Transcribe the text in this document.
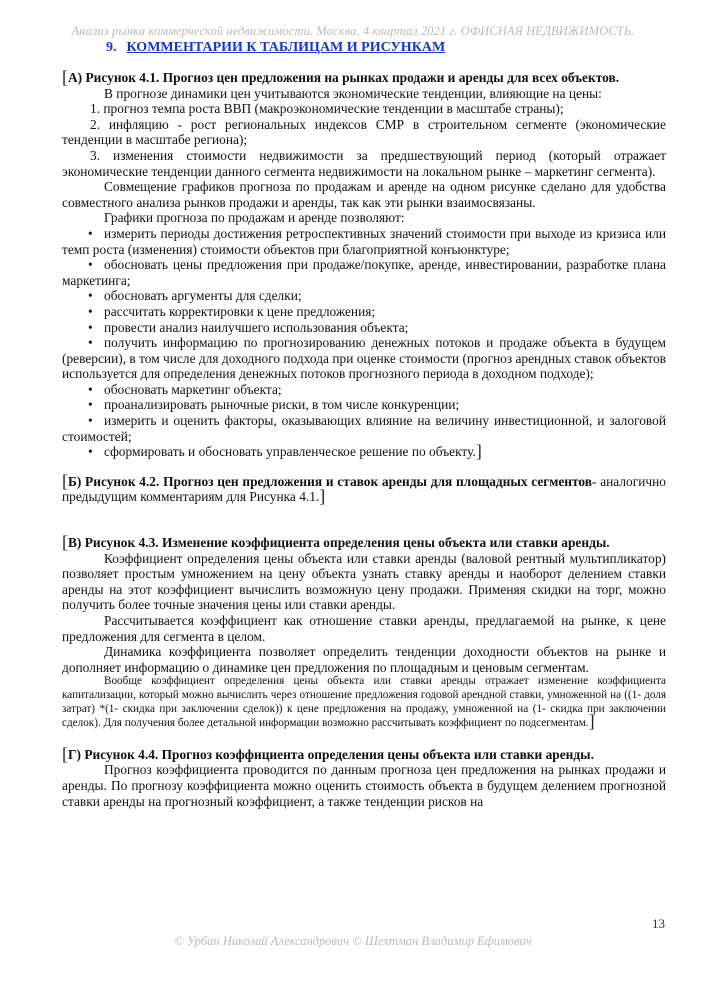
Анализ рынка коммерческой недвижимости. Москва, 4 квартал 2021 г. ОФИСНАЯ НЕДВИЖИМОСТЬ.
9. КОММЕНТАРИИ К ТАБЛИЦАМ И РИСУНКАМ

[А) Рисунок 4.1. Прогноз цен предложения на рынках продажи и аренды для всех объектов.

В прогнозе динамики цен учитываются экономические тенденции, влияющие на цены:

1. прогноз темпа роста ВВП (макроэкономические тенденции в масштабе страны);

2. инфляцию - рост региональных индексов СМР в строительном сегменте (экономические тенденции в масштабе региона);

3. изменения стоимости недвижимости за предшествующий период (который отражает экономические тенденции данного сегмента недвижимости на локальном рынке – маркетинг сегмента).

Совмещение графиков прогноза по продажам и аренде на одном рисунке сделано для удобства совместного анализа рынков продажи и аренды, так как эти рынки взаимосвязаны.

Графики прогноза по продажам и аренде позволяют:

• измерить периоды достижения ретроспективных значений стоимости при выходе из кризиса или темп роста (изменения) стоимости объектов при благоприятной конъюнктуре;

• обосновать цены предложения при продаже/покупке, аренде, инвестировании, разработке плана маркетинга;

• обосновать аргументы для сделки;

• рассчитать корректировки к цене предложения;

• провести анализ наилучшего использования объекта;

• получить информацию по прогнозированию денежных потоков и продаже объекта в будущем (реверсии), в том числе для доходного подхода при оценке стоимости (прогноз арендных ставок объектов используется для определения денежных потоков прогнозного периода в доходном подходе);

• обосновать маркетинг объекта;

• проанализировать рыночные риски, в том числе конкуренции;

• измерить и оценить факторы, оказывающих влияние на величину инвестиционной, и залоговой стоимостей;

• сформировать и обосновать управленческое решение по объекту.]

[Б) Рисунок 4.2. Прогноз цен предложения и ставок аренды для площадных сегментов- аналогично предыдущим комментариям для Рисунка 4.1.]

[В) Рисунок 4.3. Изменение коэффициента определения цены объекта или ставки аренды.

Коэффициент определения цены объекта или ставки аренды (валовой рентный мультипликатор) позволяет простым умножением на цену объекта узнать ставку аренды и наоборот делением ставки аренды на этот коэффициент вычислить возможную цену продажи. Применяя скидки на торг, можно получить более точные значения цены или ставки аренды.

Рассчитывается коэффициент как отношение ставки аренды, предлагаемой на рынке, к цене предложения для сегмента в целом.

Динамика коэффициента позволяет определить тенденции доходности объектов на рынке и дополняет информацию о динамике цен предложения по площадным и ценовым сегментам.

Вообще коэффициент определения цены объекта или ставки аренды отражает изменение коэффициента капитализации, который можно вычислить через отношение предложения годовой арендной ставки, умноженной на ((1- доля затрат) *(1- скидка при заключении сделок)) к цене предложения на продажу, умноженной на (1- скидка при заключении сделок). Для получения более детальной информации возможно рассчитывать коэффициент по подсегментам.]

[Г) Рисунок 4.4. Прогноз коэффициента определения цены объекта или ставки аренды.

Прогноз коэффициента проводится по данным прогноза цен предложения на рынках продажи и аренды. По прогнозу коэффициента можно оценить стоимость объекта в будущем делением прогнозной ставки аренды на прогнозный коэффициент, а также тенденции рисков на

13
© Урбан Николай Александрович © Шехтман Владимир Ефимович
